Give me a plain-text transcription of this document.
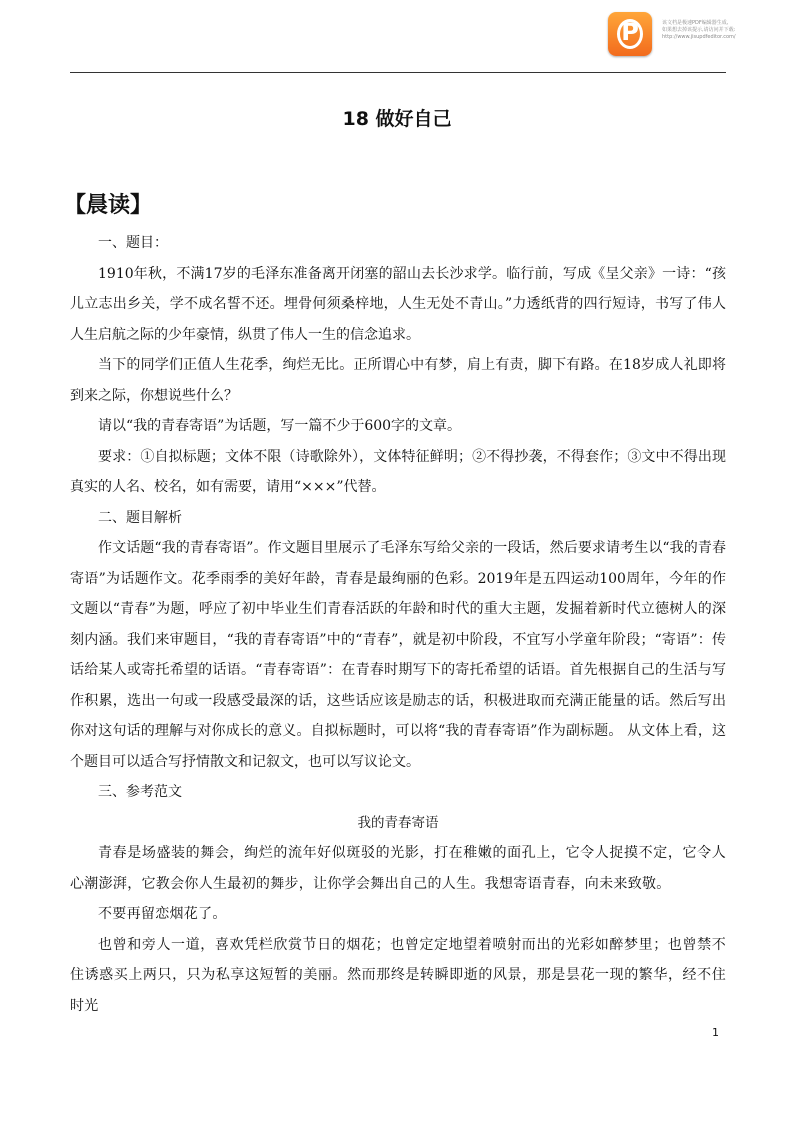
P	该文档是极速PDF编辑器生成,
如果想去掉该提示,请访问并下载:
http://www.jisupdfeditor.com/
18 做好自己
【晨读】

一、题目：

1910年秋，不满17岁的毛泽东准备离开闭塞的韶山去长沙求学。临行前，写成《呈父亲》一诗：“孩儿立志出乡关，学不成名誓不还。埋骨何须桑梓地，人生无处不青山。”力透纸背的四行短诗，书写了伟人人生启航之际的少年豪情，纵贯了伟人一生的信念追求。

当下的同学们正值人生花季，绚烂无比。正所谓心中有梦，肩上有责，脚下有路。在18岁成人礼即将到来之际，你想说些什么？

请以“我的青春寄语”为话题，写一篇不少于600字的文章。

要求：①自拟标题；文体不限（诗歌除外），文体特征鲜明；②不得抄袭，不得套作；③文中不得出现真实的人名、校名，如有需要，请用“×××”代替。

二、题目解析

作文话题“我的青春寄语”。作文题目里展示了毛泽东写给父亲的一段话，然后要求请考生以“我的青春寄语”为话题作文。花季雨季的美好年龄，青春是最绚丽的色彩。2019年是五四运动100周年，今年的作文题以“青春”为题，呼应了初中毕业生们青春活跃的年龄和时代的重大主题，发掘着新时代立德树人的深刻内涵。我们来审题目，“我的青春寄语”中的“青春”，就是初中阶段，不宜写小学童年阶段；“寄语”：传话给某人或寄托希望的话语。“青春寄语”：在青春时期写下的寄托希望的话语。首先根据自己的生活与写作积累，选出一句或一段感受最深的话，这些话应该是励志的话，积极进取而充满正能量的话。然后写出你对这句话的理解与对你成长的意义。自拟标题时，可以将“我的青春寄语”作为副标题。 从文体上看，这个题目可以适合写抒情散文和记叙文，也可以写议论文。

三、参考范文

我的青春寄语

青春是场盛装的舞会，绚烂的流年好似斑驳的光影，打在稚嫩的面孔上，它令人捉摸不定，它令人心潮澎湃，它教会你人生最初的舞步，让你学会舞出自己的人生。我想寄语青春，向未来致敬。

不要再留恋烟花了。

也曾和旁人一道，喜欢凭栏欣赏节日的烟花；也曾定定地望着喷射而出的光彩如醉梦里；也曾禁不住诱惑买上两只，只为私享这短暂的美丽。然而那终是转瞬即逝的风景，那是昙花一现的繁华，经不住时光

1
